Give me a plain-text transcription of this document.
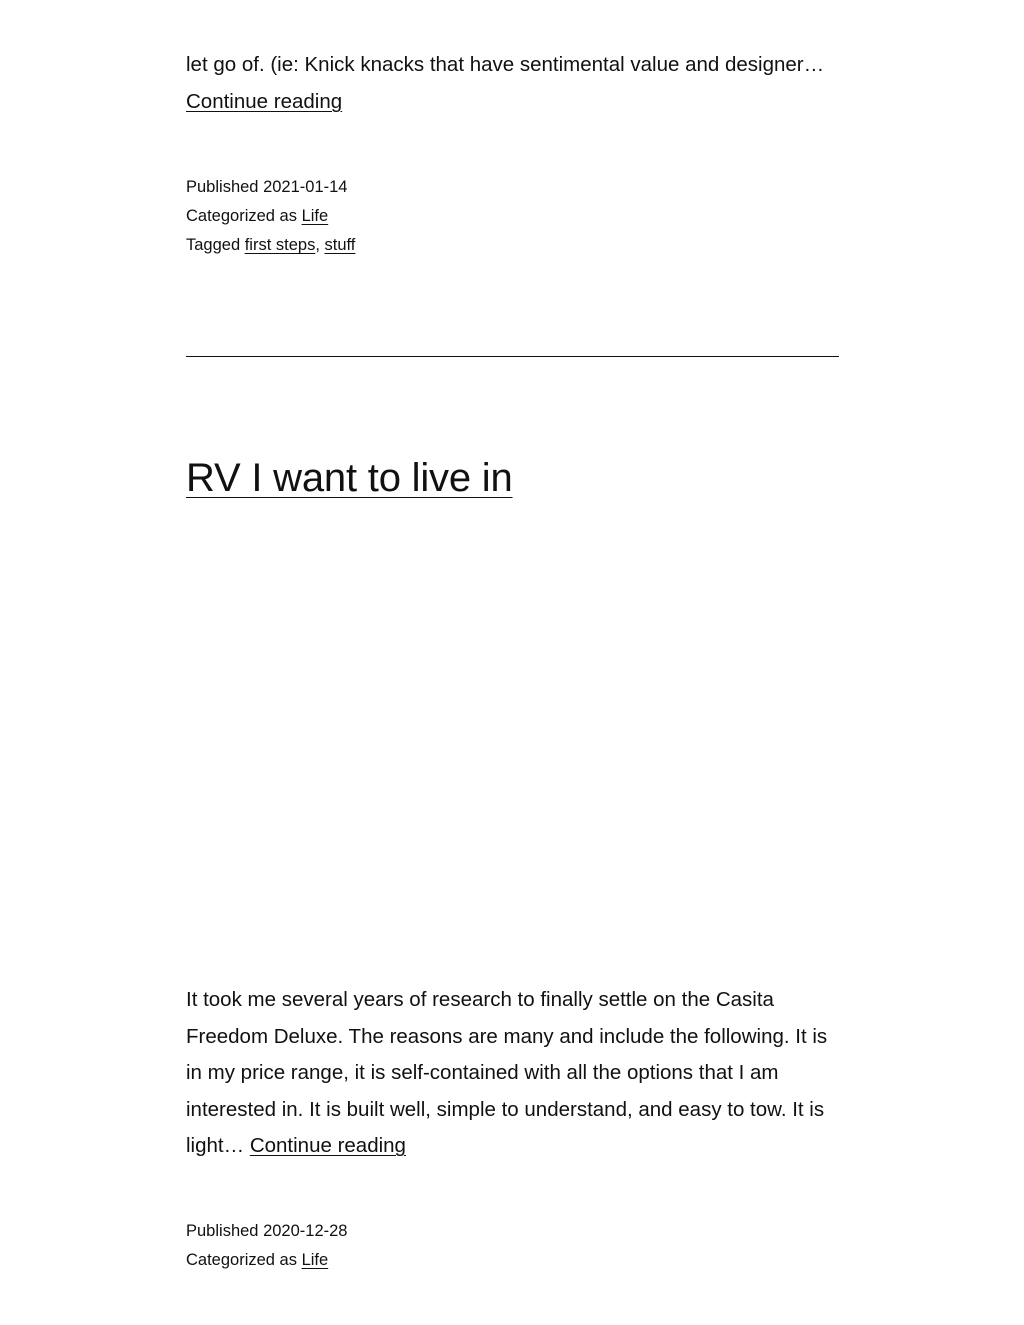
let go of. (ie: Knick knacks that have sentimental value and designer… Continue reading

Published 2021-01-14
Categorized as Life
Tagged first steps, stuff
RV I want to live in

It took me several years of research to finally settle on the Casita Freedom Deluxe. The reasons are many and include the following. It is in my price range, it is self-contained with all the options that I am interested in. It is built well, simple to understand, and easy to tow. It is light… Continue reading

Published 2020-12-28
Categorized as Life
